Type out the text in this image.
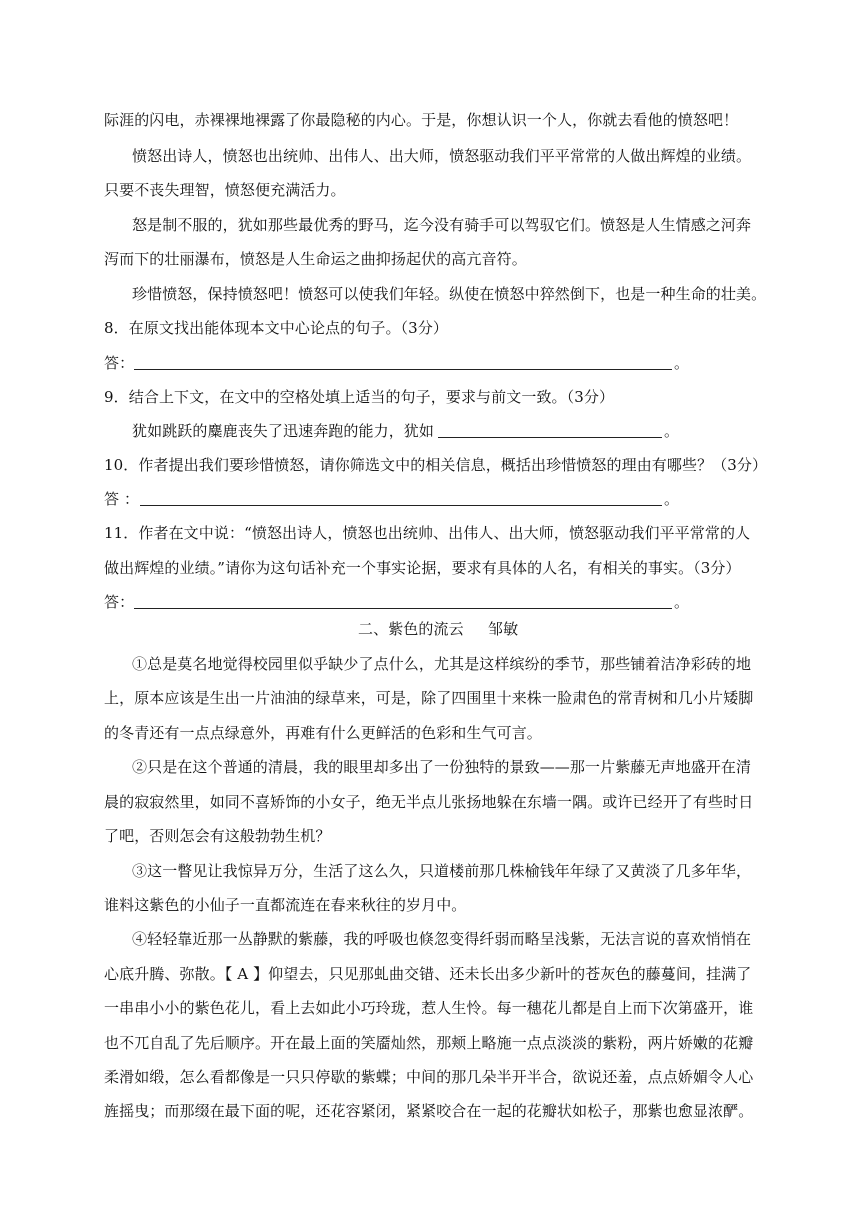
际涯的闪电，赤裸裸地裸露了你最隐秘的内心。于是，你想认识一个人，你就去看他的愤怒吧！
愤怒出诗人，愤怒也出统帅、出伟人、出大师，愤怒驱动我们平平常常的人做出辉煌的业绩。
只要不丧失理智，愤怒便充满活力。
怒是制不服的，犹如那些最优秀的野马，迄今没有骑手可以驾驭它们。愤怒是人生情感之河奔
泻而下的壮丽瀑布，愤怒是人生命运之曲抑扬起伏的高亢音符。
珍惜愤怒，保持愤怒吧！愤怒可以使我们年轻。纵使在愤怒中猝然倒下，也是一种生命的壮美。
8．在原文找出能体现本文中心论点的句子。（3分）
答：	。
9．结合上下文，在文中的空格处填上适当的句子，要求与前文一致。（3分）
犹如跳跃的麋鹿丧失了迅速奔跑的能力，犹如	。
10．作者提出我们要珍惜愤怒，请你筛选文中的相关信息，概括出珍惜愤怒的理由有哪些？（3分）
答 ：	。
11．作者在文中说：“愤怒出诗人，愤怒也出统帅、出伟人、出大师，愤怒驱动我们平平常常的人
做出辉煌的业绩。”请你为这句话补充一个事实论据，要求有具体的人名，有相关的事实。（3分）
答：	。
二、紫色的流云 邹敏
①总是莫名地觉得校园里似乎缺少了点什么，尤其是这样缤纷的季节，那些铺着洁净彩砖的地
上，原本应该是生出一片油油的绿草来，可是，除了四围里十来株一脸肃色的常青树和几小片矮脚
的冬青还有一点点绿意外，再难有什么更鲜活的色彩和生气可言。
②只是在这个普通的清晨，我的眼里却多出了一份独特的景致——那一片紫藤无声地盛开在清
晨的寂寂然里，如同不喜矫饰的小女子，绝无半点儿张扬地躲在东墙一隅。或许已经开了有些时日
了吧，否则怎会有这般勃勃生机？
③这一瞥见让我惊异万分，生活了这么久，只道楼前那几株榆钱年年绿了又黄淡了几多年华，
谁料这紫色的小仙子一直都流连在春来秋往的岁月中。
④轻轻靠近那一丛静默的紫藤，我的呼吸也倏忽变得纤弱而略呈浅紫，无法言说的喜欢悄悄在
心底升腾、弥散。【 A 】仰望去，只见那虬曲交错、还未长出多少新叶的苍灰色的藤蔓间，挂满了
一串串小小的紫色花儿，看上去如此小巧玲珑，惹人生怜。每一穗花儿都是自上而下次第盛开，谁
也不兀自乱了先后顺序。开在最上面的笑靥灿然，那颊上略施一点点淡淡的紫粉，两片娇嫩的花瓣
柔滑如缎，怎么看都像是一只只停歇的紫蝶；中间的那几朵半开半合，欲说还羞，点点娇媚令人心
旌摇曳；而那缀在最下面的呢，还花容紧闭，紧紧咬合在一起的花瓣状如松子，那紫也愈显浓酽。
